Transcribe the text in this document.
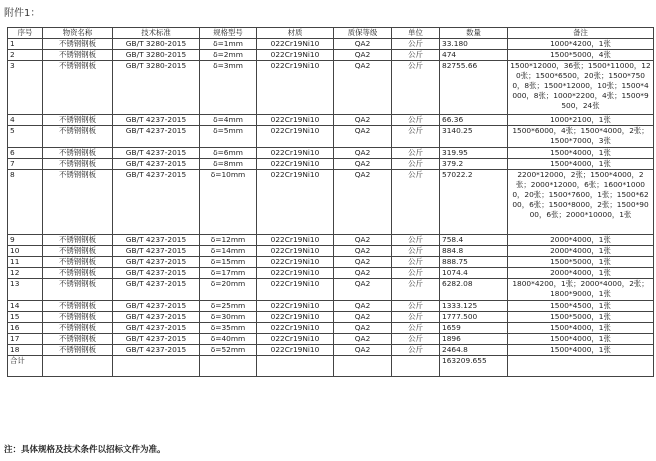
附件1：
序号	物资名称	技术标准	规格型号	材质	质保等级	单位	数量	备注
1	不锈钢钢板	GB/T 3280-2015	δ=1mm	022Cr19Ni10	QA2	公斤	33.180	1000*4200，1张
2	不锈钢钢板	GB/T 3280-2015	δ=2mm	022Cr19Ni10	QA2	公斤	474	1500*5000，4张
3	不锈钢钢板	GB/T 3280-2015	δ=3mm	022Cr19Ni10	QA2	公斤	82755.66	1500*12000，36张；1500*11000，120张；1500*6500，20张；1500*7500，8张；1500*12000，10张；1500*4000，8张；1000*2200，4张；1500*9500，24张
4	不锈钢钢板	GB/T 4237-2015	δ=4mm	022Cr19Ni10	QA2	公斤	66.36	1000*2100，1张
5	不锈钢钢板	GB/T 4237-2015	δ=5mm	022Cr19Ni10	QA2	公斤	3140.25	1500*6000，4张；1500*4000，2张；1500*7000，3张
6	不锈钢钢板	GB/T 4237-2015	δ=6mm	022Cr19Ni10	QA2	公斤	319.95	1500*4000，1张
7	不锈钢钢板	GB/T 4237-2015	δ=8mm	022Cr19Ni10	QA2	公斤	379.2	1500*4000，1张
8	不锈钢钢板	GB/T 4237-2015	δ=10mm	022Cr19Ni10	QA2	公斤	57022.2	2200*12000，2张；1500*4000，2张；2000*12000，6张；1600*10000，20张；1500*7600，1张；1500*6200，6张；1500*8000，2张；1500*9000，6张；2000*10000，1张
9	不锈钢钢板	GB/T 4237-2015	δ=12mm	022Cr19Ni10	QA2	公斤	758.4	2000*4000，1张
10	不锈钢钢板	GB/T 4237-2015	δ=14mm	022Cr19Ni10	QA2	公斤	884.8	2000*4000，1张
11	不锈钢钢板	GB/T 4237-2015	δ=15mm	022Cr19Ni10	QA2	公斤	888.75	1500*5000，1张
12	不锈钢钢板	GB/T 4237-2015	δ=17mm	022Cr19Ni10	QA2	公斤	1074.4	2000*4000，1张
13	不锈钢钢板	GB/T 4237-2015	δ=20mm	022Cr19Ni10	QA2	公斤	6282.08	1800*4200，1张；2000*4000，2张；1800*9000，1张
14	不锈钢钢板	GB/T 4237-2015	δ=25mm	022Cr19Ni10	QA2	公斤	1333.125	1500*4500，1张
15	不锈钢钢板	GB/T 4237-2015	δ=30mm	022Cr19Ni10	QA2	公斤	1777.500	1500*5000，1张
16	不锈钢钢板	GB/T 4237-2015	δ=35mm	022Cr19Ni10	QA2	公斤	1659	1500*4000，1张
17	不锈钢钢板	GB/T 4237-2015	δ=40mm	022Cr19Ni10	QA2	公斤	1896	1500*4000，1张
18	不锈钢钢板	GB/T 4237-2015	δ=52mm	022Cr19Ni10	QA2	公斤	2464.8	1500*4000，1张
合计							163209.655	
注：具体规格及技术条件以招标文件为准。
